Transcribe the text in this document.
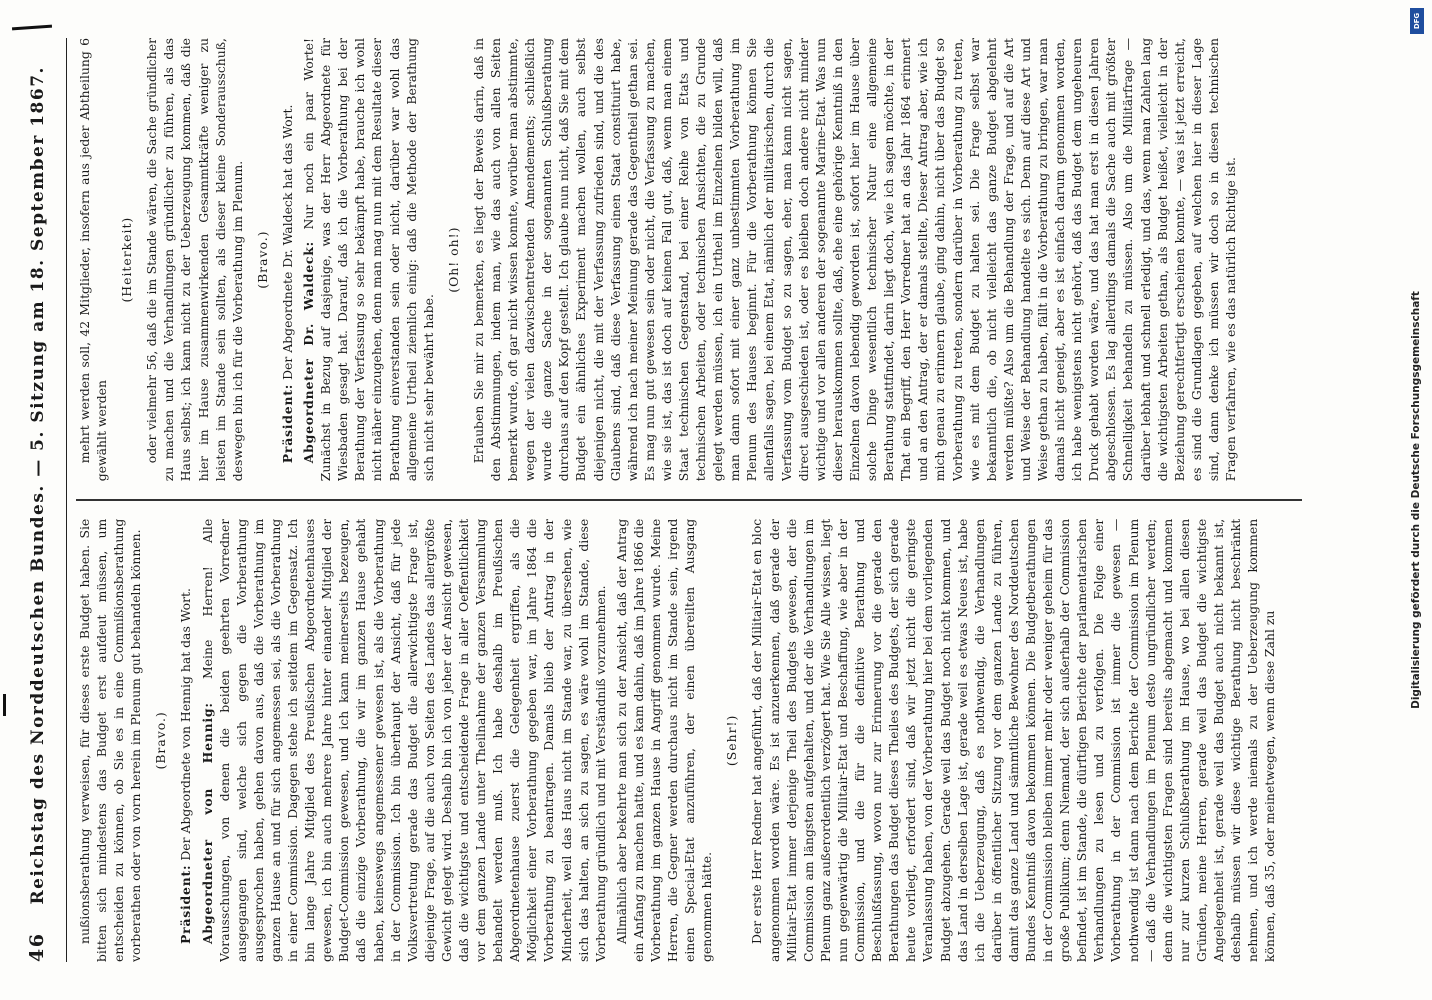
46
Reichstag des Norddeutschen Bundes. — 5. Sitzung am 18. September 1867.

nußionsberathung verweisen, für dieses erste Budget haben. Sie bitten sich mindestens das Budget erst aufdeut müssen, um entscheiden zu können, ob Sie es in eine Commißionsberathung vorberathen oder von vorn herein im Plenum gut behandeln können. (Bravo.)

Präsident: Der Abgeordnete von Hennig hat das Wort. Abgeordneter von Hennig: Meine Herren! Alle Vorausschungen, von denen die beiden geehrten Vorredner ausgegangen sind, welche sich gegen die Vorberathung ausgesprochen haben, gehen davon aus, daß die Vorberathung im ganzen Hause an und für sich angemessen sei, als die Vorberathung in einer Commission. Dagegen stehe ich seitdem im Gegensatz. Ich bin lange Jahre Mitglied des Preußischen Abgeordnetenhauses gewesen, ich bin auch mehrere Jahre hinter einander Mitglied der Budget-Commission gewesen, und ich kann meinerseits bezeugen, daß die einzige Vorberathung, die wir im ganzen Hause gehabt haben, keineswegs angemessener gewesen ist, als die Vorberathung in der Commission. Ich bin überhaupt der Ansicht, daß für jede Volksvertretung gerade das Budget die allerwichtigste Frage ist, diejenige Frage, auf die auch von Seiten des Landes das allergrößte Gewicht gelegt wird. Deshalb bin ich von jeher der Ansicht gewesen, daß die wichtigste und entscheidende Frage in aller Oeffentlichkeit vor dem ganzen Lande unter Theilnahme der ganzen Versammlung behandelt werden muß. Ich habe deshalb im Preußischen Abgeordnetenhause zuerst die Gelegenheit ergriffen, als die Möglichkeit einer Vorberathung gegeben war, im Jahre 1864 die Vorberathung zu beantragen. Damals blieb der Antrag in der Minderheit, weil das Haus nicht im Stande war, zu übersehen, wie sich das halten, an sich zu sagen, es wäre wohl im Stande, diese Vorberathung gründlich und mit Verständniß vorzunehmen. Allmählich aber bekehrte man sich zu der Ansicht, daß der Antrag ein Anfang zu machen hatte, und es kam dahin, daß im Jahre 1866 die Vorberathung im ganzen Hause in Angriff genommen wurde. Meine Herren, die Gegner werden durchaus nicht im Stande sein, irgend einen Special-Etat anzuführen, der einen übereilten Ausgang genommen hätte.

(Sehr!) Der erste Herr Redner hat angeführt, daß der Militair-Etat en bloc angenommen worden wäre. Es ist anzuerkennen, daß gerade der Militair-Etat immer derjenige Theil des Budgets gewesen, der die Commission am längsten aufgehalten, und der die Verhandlungen im Plenum ganz außerordentlich verzögert hat. Wie Sie Alle wissen, liegt nun gegenwärtig die Militair-Etat und Beschaffung, wie aber in der Commission, und die für die definitive Berathung und Beschlußfassung, wovon nur zur Erinnerung vor die gerade den Berathungen das Budget dieses Theiles des Budgets, der sich gerade heute vorliegt, erfordert sind, daß wir jetzt nicht die geringste Veranlassung haben, von der Vorberathung hier bei dem vorliegenden Budget abzugehen. Gerade weil das Budget noch nicht kommen, und das Land in derselben Lage ist, gerade weil es etwas Neues ist, habe ich die Ueberzeugung, daß es nothwendig, die Verhandlungen darüber in öffentlicher Sitzung vor dem ganzen Lande zu führen, damit das ganze Land und sämmtliche Bewohner des Norddeutschen Bundes Kenntniß davon bekommen können. Die Budgetberathungen in der Commission bleiben immer mehr oder weniger geheim für das große Publikum; denn Niemand, der sich außerhalb der Commission befindet, ist im Stande, die dürftigen Berichte der parlamentarischen Verhandlungen zu lesen und zu verfolgen. Die Folge einer Vorberathung in der Commission ist immer die gewesen — nothwendig ist dann nach dem Berichte der Commission im Plenum — daß die Verhandlungen im Plenum desto ungründlicher werden; denn die wichtigsten Fragen sind bereits abgemacht und kommen nur zur kurzen Schlußberathung im Hause, wo bei allen diesen Gründen, meine Herren, gerade weil das Budget die wichtigste Angelegenheit ist, gerade weil das Budget auch nicht bekannt ist, deshalb müssen wir diese wichtige Berathung nicht beschränkt nehmen, und ich werde niemals zu der Ueberzeugung kommen können, daß 35, oder meinetwegen, wenn diese Zahl zu

mehrt werden soll, 42 Mitglieder, insofern aus jeder Abtheilung 6 gewählt werden

(Heiterkeit) oder vielmehr 56, daß die im Stande wären, die Sache gründlicher zu machen und die Verhandlungen gründlicher zu führen, als das Haus selbst; ich kann nicht zu der Ueberzeugung kommen, daß die hier im Hause zusammenwirkenden Gesammtkräfte weniger zu leisten im Stande sein sollten, als dieser kleine Sonderausschuß, deswegen bin ich für die Vorberathung im Plenum. (Bravo.)

Präsident: Der Abgeordnete Dr. Waldeck hat das Wort. Abgeordneter Dr. Waldeck: Nur noch ein paar Worte! Zunächst in Bezug auf dasjenige, was der Herr Abgeordnete für Wiesbaden gesagt hat. Darauf, daß ich die Vorberathung bei der Berathung der Verfassung so sehr bekämpft habe, brauche ich wohl nicht näher einzugehen, denn man mag nun mit dem Resultate dieser Berathung einverstanden sein oder nicht, darüber war wohl das allgemeine Urtheil ziemlich einig: daß die Methode der Berathung sich nicht sehr bewährt habe.

(Oh! oh!) Erlauben Sie mir zu bemerken, es liegt der Beweis darin, daß in den Abstimmungen, indem man, wie das auch von allen Seiten bemerkt wurde, oft gar nicht wissen konnte, worüber man abstimmte, wegen der vielen dazwischentretenden Amendements; schließlich wurde die ganze Sache in der sogenannten Schlußberathung durchaus auf den Kopf gestellt. Ich glaube nun nicht, daß Sie mit dem Budget ein ähnliches Experiment machen wollen, auch selbst diejenigen nicht, die mit der Verfassung zufrieden sind, und die des Glaubens sind, daß diese Verfassung einen Staat constituirt habe, während ich nach meiner Meinung gerade das Gegentheil gethan sei. Es mag nun gut gewesen sein oder nicht, die Verfassung zu machen, wie sie ist, das ist doch auf keinen Fall gut, daß, wenn man einem Staat technischen Gegenstand, bei einer Reihe von Etats und technischen Arbeiten, oder technischen Ansichten, die zu Grunde gelegt werden müssen, ich ein Urtheil im Einzelnen bilden will, daß man dann sofort mit einer ganz unbestimmten Vorberathung im Plenum des Hauses beginnt. Für die Vorberathung können Sie allenfalls sagen, bei einem Etat, nämlich der militairischen, durch die Verfassung vom Budget so zu sagen, eher, man kann nicht sagen, direct ausgeschieden ist, oder es bleiben doch andere nicht minder wichtige und vor allen anderen der sogenannte Marine-Etat. Was nun dieser herauskommen sollte, daß, ehe eine gehörige Kenntniß in den Einzelnen davon lebendig geworden ist, sofort hier im Hause über solche Dinge wesentlich technischer Natur eine allgemeine Berathung stattfindet, darin liegt doch, wie ich sagen möchte, in der That ein Begriff, den Herr Vorredner hat an das Jahr 1864 erinnert und an den Antrag, der er damals stellte, Dieser Antrag aber, wie ich mich genau zu erinnern glaube, ging dahin, nicht über das Budget so Vorberathung zu treten, sondern darüber in Vorberathung zu treten, wie es mit dem Budget zu halten sei. Die Frage selbst war bekanntlich die, ob nicht vielleicht das ganze Budget abgelehnt werden müßte? Also um die Behandlung der Frage, und auf die Art und Weise der Behandlung handelte es sich. Denn auf diese Art und Weise gethan zu haben, fällt in die Vorberathung zu bringen, war man damals nicht geneigt, aber es ist einfach darum genommen worden, ich habe wenigstens nicht gehört, daß das Budget dem ungeheuren Druck gehabt worden wäre, und das hat man erst in diesen Jahren abgeschlossen. Es lag allerdings damals die Sache auch mit größter Schnelligkeit behandeln zu müssen. Also um die Militärfrage — darüber lebhaft und schnell erledigt, und das, wenn man Zahlen lang die wichtigsten Arbeiten gethan, als Budget heißet, vielleicht in der Beziehung gerechtfertigt erscheinen konnte, — was ist jetzt erreicht, es sind die Grundlagen gegeben, auf welchen hier in dieser Lage sind, dann denke ich müssen wir doch so in diesen technischen Fragen verfahren, wie es das natürlich Richtige ist.

DFG
Digitalisierung gefördert durch die Deutsche Forschungsgemeinschaft
